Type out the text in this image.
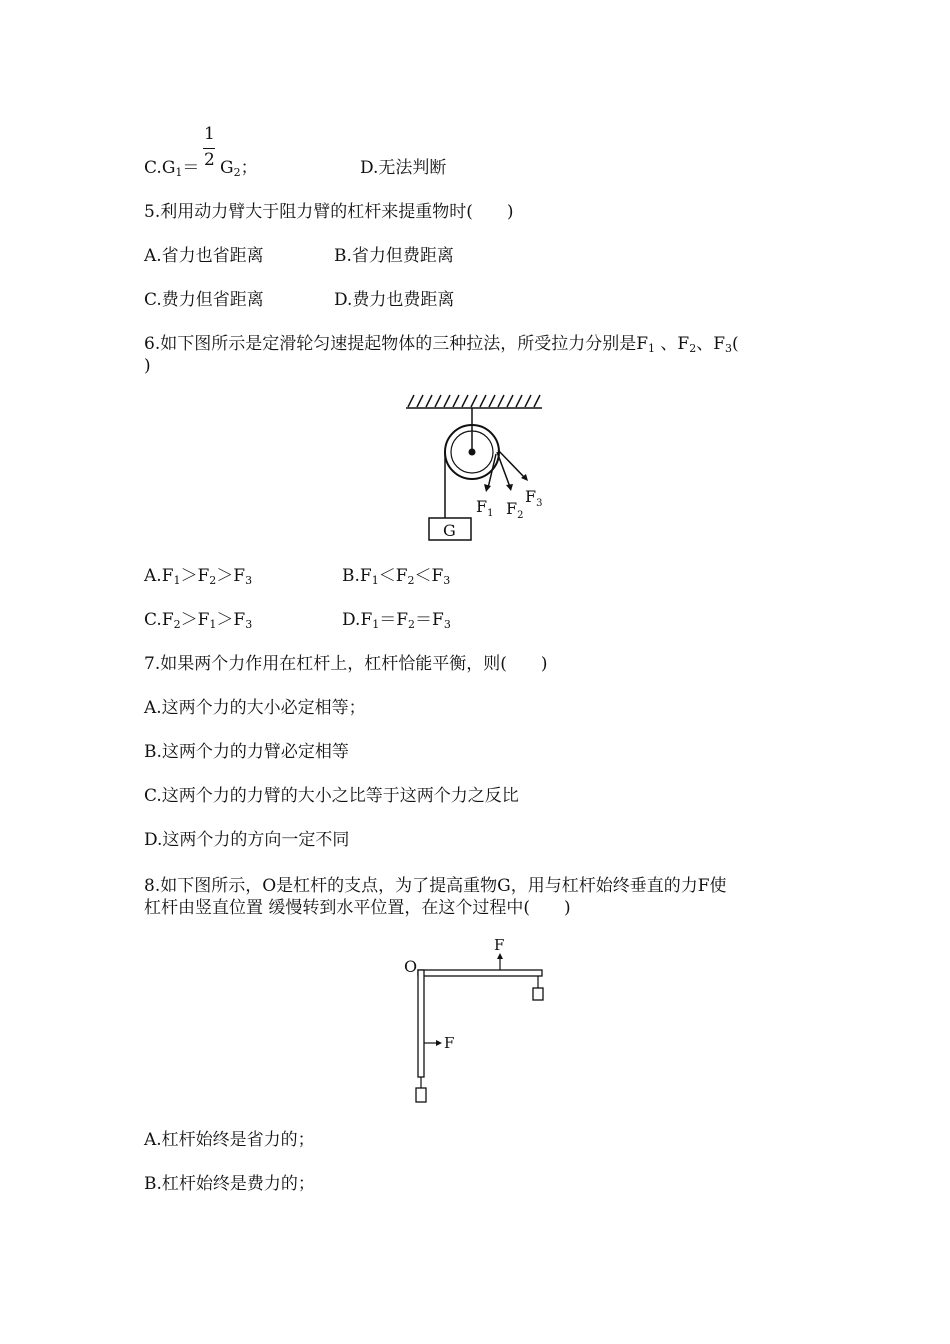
$C.G_1=$
1
2 $G_2$；	D.无法判断
5.利用动力臂大于阻力臂的杠杆来提重物时(　　)
A.省力也省距离	B.省力但费距离
C.费力但省距离	D.费力也费距离
6.如下图所示是定滑轮匀速提起物体的三种拉法，所受拉力分别是$F_1$ 、$F_2$、$F_3$(
)
G
$F_1$ $F_2$
$F_3$
$A.F_1>F_2>F_3$	$B.F_1<F_2<F_3$
$C.F_2>F_1>F_3$	$D.F_1=F_2=F_3$
7.如果两个力作用在杠杆上，杠杆恰能平衡，则(　　)
A.这两个力的大小必定相等；
B.这两个力的力臂必定相等
C.这两个力的力臂的大小之比等于这两个力之反比
D.这两个力的方向一定不同
8.如下图所示，O是杠杆的支点，为了提高重物G，用与杠杆始终垂直的力F使
杠杆由竖直位置 缓慢转到水平位置，在这个过程中(　　)
O
F
F
A.杠杆始终是省力的；
B.杠杆始终是费力的；
